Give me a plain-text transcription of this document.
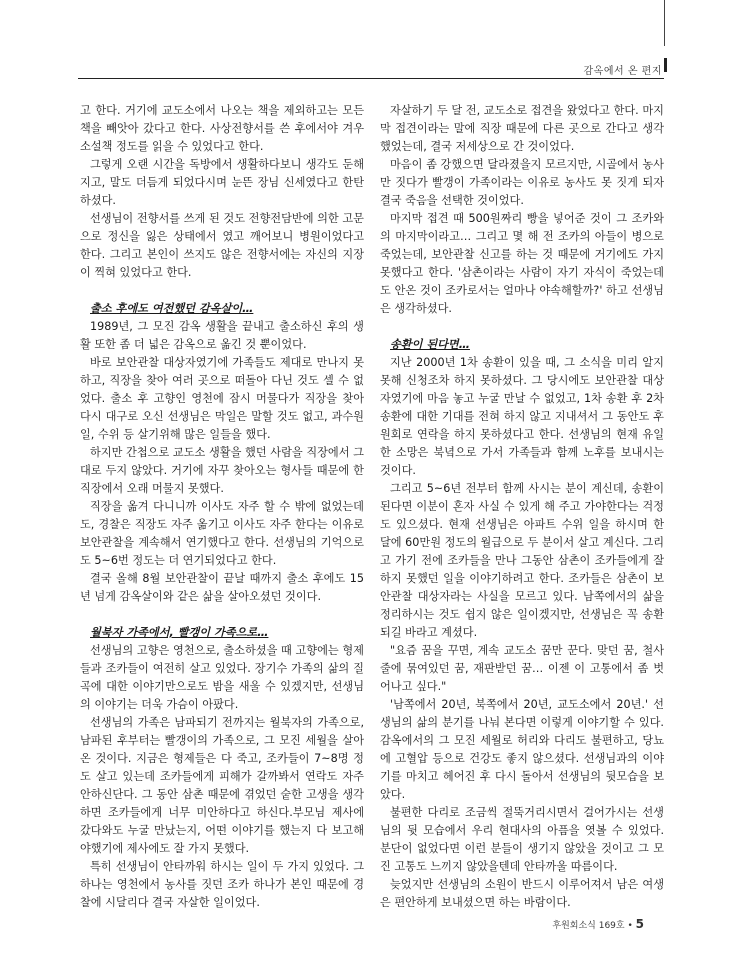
감옥에서 온 편지

고 한다. 거기에 교도소에서 나오는 책을 제외하고는 모든 책을 빼앗아 갔다고 한다. 사상전향서를 쓴 후에서야 겨우 소설책 정도를 읽을 수 있었다고 한다.

그렇게 오랜 시간을 독방에서 생활하다보니 생각도 둔해지고, 말도 더듬게 되었다시며 눈뜬 장님 신세였다고 한탄하셨다.

선생님이 전향서를 쓰게 된 것도 전향전담반에 의한 고문으로 정신을 잃은 상태에서 였고 깨어보니 병원이었다고 한다. 그리고 본인이 쓰지도 않은 전향서에는 자신의 지장이 찍혀 있었다고 한다.

출소 후에도 여전했던 감옥살이…

1989년, 그 모진 감옥 생활을 끝내고 출소하신 후의 생활 또한 좀 더 넓은 감옥으로 옮긴 것 뿐이었다.

바로 보안관찰 대상자였기에 가족들도 제대로 만나지 못하고, 직장을 찾아 여러 곳으로 떠돌아 다닌 것도 셀 수 없었다. 출소 후 고향인 영천에 잠시 머물다가 직장을 찾아 다시 대구로 오신 선생님은 막일은 말할 것도 없고, 과수원일, 수위 등 살기위해 많은 일들을 했다.

하지만 간첩으로 교도소 생활을 했던 사람을 직장에서 그대로 두지 않았다. 거기에 자꾸 찾아오는 형사들 때문에 한 직장에서 오래 머물지 못했다.

직장을 옮겨 다니니까 이사도 자주 할 수 밖에 없었는데도, 경찰은 직장도 자주 옮기고 이사도 자주 한다는 이유로 보안관찰을 계속해서 연기했다고 한다. 선생님의 기억으로도 5~6번 정도는 더 연기되었다고 한다.

결국 올해 8월 보안관찰이 끝날 때까지 출소 후에도 15년 넘게 감옥살이와 같은 삶을 살아오셨던 것이다.

월북자 가족에서, 빨갱이 가족으로…

선생님의 고향은 영천으로, 출소하셨을 때 고향에는 형제들과 조카들이 여전히 살고 있었다. 장기수 가족의 삶의 질곡에 대한 이야기만으로도 밤을 새울 수 있겠지만, 선생님의 이야기는 더욱 가슴이 아팠다.

선생님의 가족은 남파되기 전까지는 월북자의 가족으로, 남파된 후부터는 빨갱이의 가족으로, 그 모진 세월을 살아온 것이다. 지금은 형제들은 다 죽고, 조카들이 7~8명 정도 살고 있는데 조카들에게 피해가 갈까봐서 연락도 자주 안하신단다. 그 동안 삼촌 때문에 겪었던 숱한 고생을 생각하면 조카들에게 너무 미안하다고 하신다.부모님 제사에 갔다와도 누굴 만났는지, 어떤 이야기를 했는지 다 보고해야했기에 제사에도 잘 가지 못했다.

특히 선생님이 안타까워 하시는 일이 두 가지 있었다. 그 하나는 영천에서 농사를 짓던 조카 하나가 본인 때문에 경찰에 시달리다 결국 자살한 일이었다.

자살하기 두 달 전, 교도소로 접견을 왔었다고 한다. 마지막 접견이라는 말에 직장 때문에 다른 곳으로 간다고 생각했었는데, 결국 저세상으로 간 것이었다.

마음이 좀 강했으면 달라졌을지 모르지만, 시골에서 농사만 짓다가 빨갱이 가족이라는 이유로 농사도 못 짓게 되자 결국 죽음을 선택한 것이었다.

마지막 접견 때 500원짜리 빵을 넣어준 것이 그 조카와의 마지막이라고… 그리고 몇 해 전 조카의 아들이 병으로 죽었는데, 보안관찰 신고를 하는 것 때문에 거기에도 가지 못했다고 한다. '삼촌이라는 사람이 자기 자식이 죽었는데도 안온 것이 조카로서는 얼마나 야속해할까?' 하고 선생님은 생각하셨다.

송환이 된다면…

지난 2000년 1차 송환이 있을 때, 그 소식을 미리 알지 못해 신청조차 하지 못하셨다. 그 당시에도 보안관찰 대상자였기에 마음 놓고 누굴 만날 수 없었고, 1차 송환 후 2차 송환에 대한 기대를 전혀 하지 않고 지내셔서 그 동안도 후원회로 연락을 하지 못하셨다고 한다. 선생님의 현재 유일한 소망은 북녘으로 가서 가족들과 함께 노후를 보내시는 것이다.

그리고 5~6년 전부터 함께 사시는 분이 계신데, 송환이 된다면 이분이 혼자 사실 수 있게 해 주고 가야한다는 걱정도 있으셨다. 현재 선생님은 아파트 수위 일을 하시며 한 달에 60만원 정도의 월급으로 두 분이서 살고 계신다. 그리고 가기 전에 조카들을 만나 그동안 삼촌이 조카들에게 잘 하지 못했던 일을 이야기하려고 한다. 조카들은 삼촌이 보안관찰 대상자라는 사실을 모르고 있다. 남쪽에서의 삶을 정리하시는 것도 쉽지 않은 일이겠지만, 선생님은 꼭 송환되길 바라고 계셨다.

"요즘 꿈을 꾸면, 계속 교도소 꿈만 꾼다. 맞던 꿈, 철사 줄에 묶여있던 꿈, 재판받던 꿈… 이젠 이 고통에서 좀 벗어나고 싶다."

'남쪽에서 20년, 북쪽에서 20년, 교도소에서 20년.' 선생님의 삶의 분기를 나눠 본다면 이렇게 이야기할 수 있다. 감옥에서의 그 모진 세월로 허리와 다리도 불편하고, 당뇨에 고혈압 등으로 건강도 좋지 않으셨다. 선생님과의 이야기를 마치고 헤어진 후 다시 돌아서 선생님의 뒷모습을 보았다.

불편한 다리로 조금씩 절뚝거리시면서 걸어가시는 선생님의 뒷 모습에서 우리 현대사의 아픔을 엿볼 수 있었다. 분단이 없었다면 이런 분들이 생기지 않았을 것이고 그 모진 고통도 느끼지 않았을텐데 안타까울 따름이다.

늦었지만 선생님의 소원이 반드시 이루어져서 남은 여생은 편안하게 보내셨으면 하는 바람이다.

후원회소식 169호 • 5
